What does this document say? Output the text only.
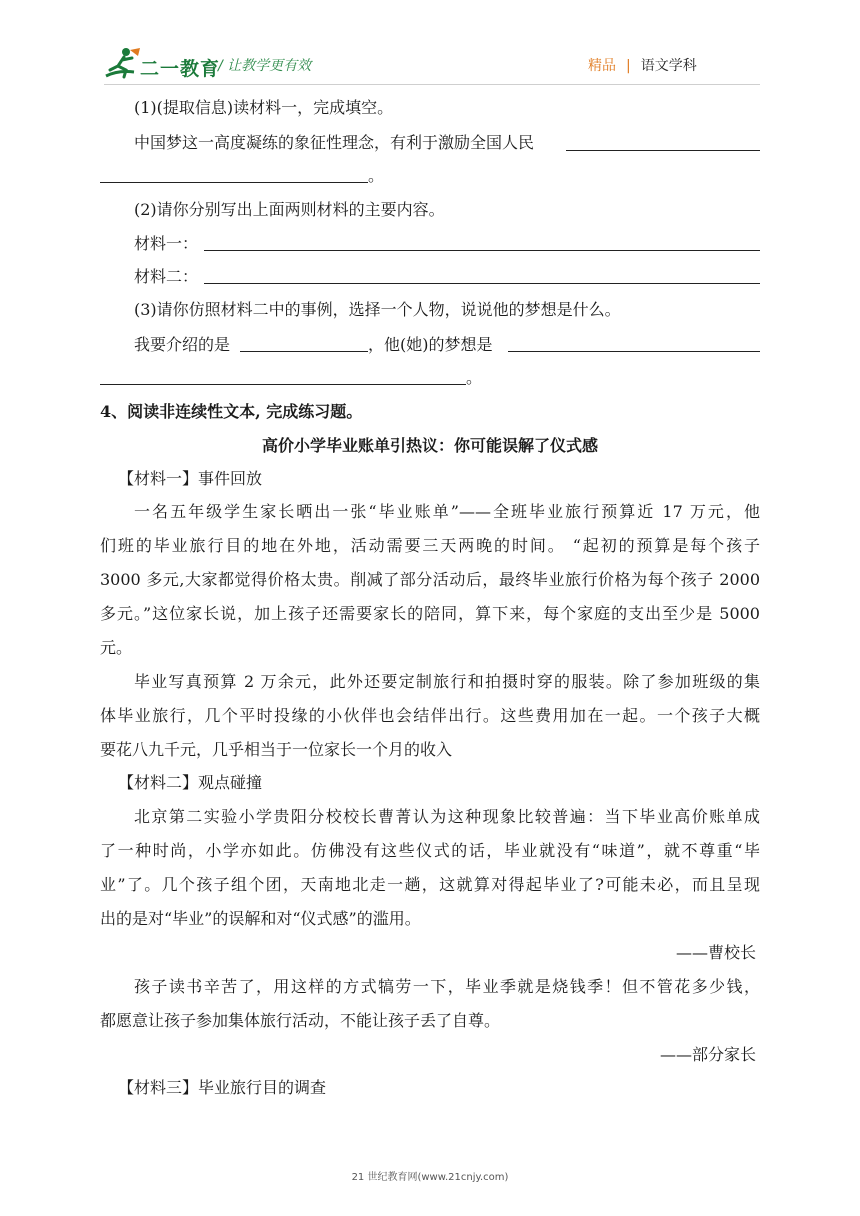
二一教育
/ 让教学更有效	精品 | 语文学科
(1)(提取信息)读材料一，完成填空。
中国梦这一高度凝练的象征性理念，有利于激励全国人民
。
(2)请你分别写出上面两则材料的主要内容。
材料一：
材料二：
(3)请你仿照材料二中的事例，选择一个人物，说说他的梦想是什么。
我要介绍的是	，他(她)的梦想是
。
4、阅读非连续性文本, 完成练习题。
高价小学毕业账单引热议：你可能误解了仪式感
【材料一】事件回放
一名五年级学生家长晒出一张“毕业账单”——全班毕业旅行预算近 17 万元，他
们班的毕业旅行目的地在外地，活动需要三天两晚的时间。 “起初的预算是每个孩子
3000 多元,大家都觉得价格太贵。削减了部分活动后，最终毕业旅行价格为每个孩子 2000
多元。”这位家长说，加上孩子还需要家长的陪同，算下来，每个家庭的支出至少是 5000
元。
毕业写真预算 2 万余元，此外还要定制旅行和拍摄时穿的服装。除了参加班级的集
体毕业旅行，几个平时投缘的小伙伴也会结伴出行。这些费用加在一起。一个孩子大概
要花八九千元，几乎相当于一位家长一个月的收入
【材料二】观点碰撞
北京第二实验小学贵阳分校校长曹菁认为这种现象比较普遍：当下毕业高价账单成
了一种时尚，小学亦如此。仿佛没有这些仪式的话，毕业就没有“味道”，就不尊重“毕
业”了。几个孩子组个团，天南地北走一趟，这就算对得起毕业了?可能未必，而且呈现
出的是对“毕业”的误解和对“仪式感”的滥用。
——曹校长
孩子读书辛苦了，用这样的方式犒劳一下，毕业季就是烧钱季！但不管花多少钱，
都愿意让孩子参加集体旅行活动，不能让孩子丢了自尊。
——部分家长
【材料三】毕业旅行目的调查
21 世纪教育网(www.21cnjy.com)
